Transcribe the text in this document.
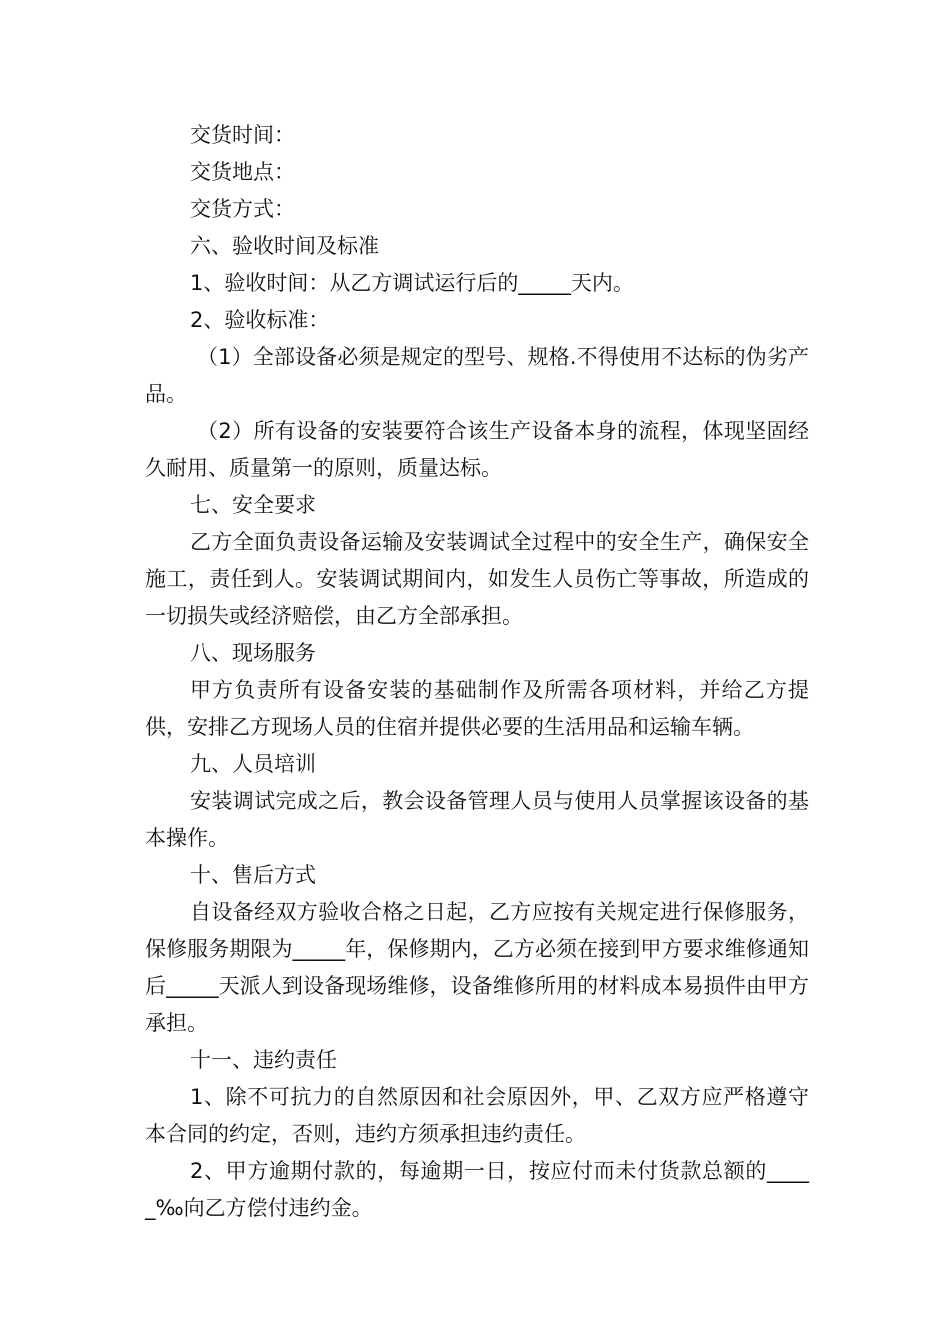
交货时间：

交货地点：

交货方式：

六、验收时间及标准

1、验收时间：从乙方调试运行后的_____天内。

2、验收标准：

（1）全部设备必须是规定的型号、规格.不得使用不达标的伪劣产品。

（2）所有设备的安装要符合该生产设备本身的流程，体现坚固经久耐用、质量第一的原则，质量达标。

七、安全要求

乙方全面负责设备运输及安装调试全过程中的安全生产，确保安全施工，责任到人。安装调试期间内，如发生人员伤亡等事故，所造成的一切损失或经济赔偿，由乙方全部承担。

八、现场服务

甲方负责所有设备安装的基础制作及所需各项材料，并给乙方提供，安排乙方现场人员的住宿并提供必要的生活用品和运输车辆。

九、人员培训

安装调试完成之后，教会设备管理人员与使用人员掌握该设备的基本操作。

十、售后方式

自设备经双方验收合格之日起，乙方应按有关规定进行保修服务，保修服务期限为_____年，保修期内，乙方必须在接到甲方要求维修通知后_____天派人到设备现场维修，设备维修所用的材料成本易损件由甲方承担。

十一、违约责任

1、除不可抗力的自然原因和社会原因外，甲、乙双方应严格遵守本合同的约定，否则，违约方须承担违约责任。

2、甲方逾期付款的，每逾期一日，按应付而未付货款总额的_____‰向乙方偿付违约金。
